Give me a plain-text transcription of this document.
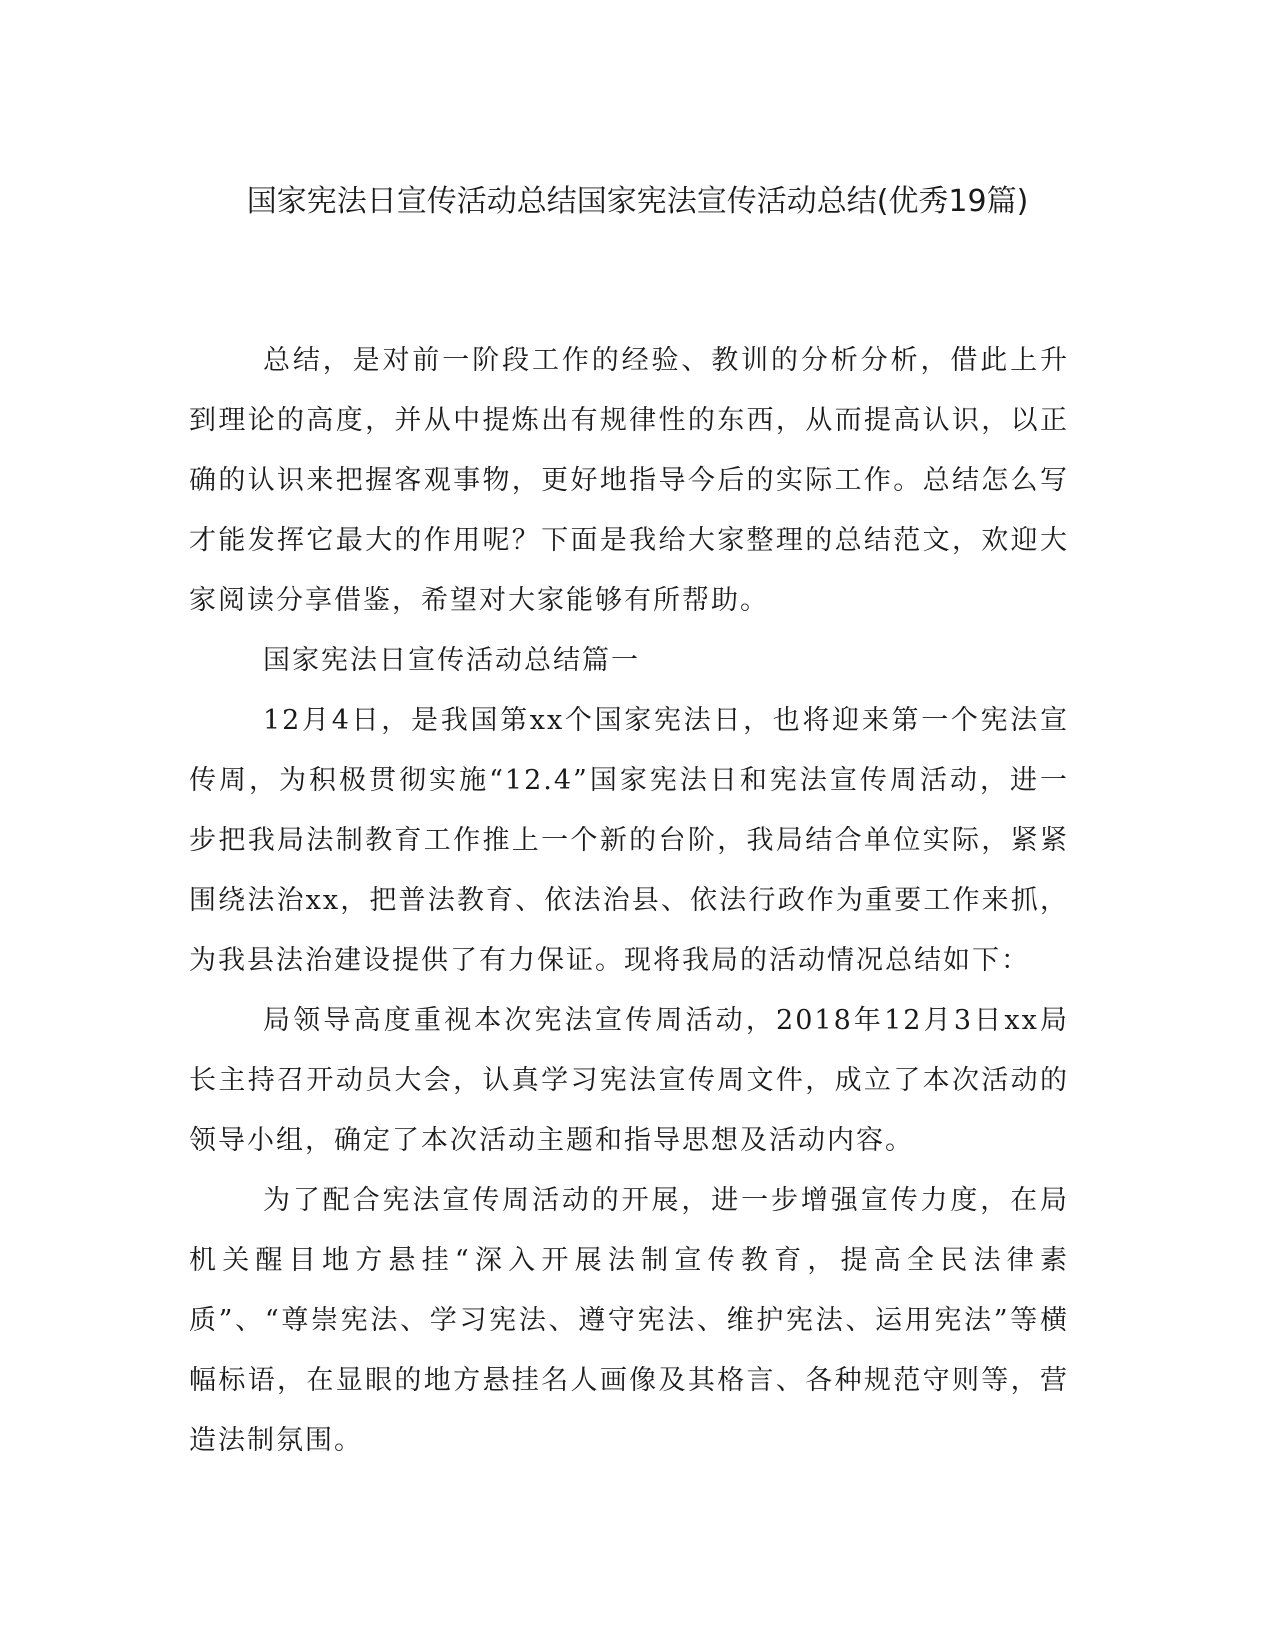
国家宪法日宣传活动总结国家宪法宣传活动总结(优秀19篇)

总结，是对前一阶段工作的经验、教训的分析分析，借此上升到理论的高度，并从中提炼出有规律性的东西，从而提高认识，以正确的认识来把握客观事物，更好地指导今后的实际工作。总结怎么写才能发挥它最大的作用呢？下面是我给大家整理的总结范文，欢迎大家阅读分享借鉴，希望对大家能够有所帮助。

国家宪法日宣传活动总结篇一

12月4日，是我国第xx个国家宪法日，也将迎来第一个宪法宣传周，为积极贯彻实施“12.4”国家宪法日和宪法宣传周活动，进一步把我局法制教育工作推上一个新的台阶，我局结合单位实际，紧紧围绕法治xx，把普法教育、依法治县、依法行政作为重要工作来抓，为我县法治建设提供了有力保证。现将我局的活动情况总结如下：

局领导高度重视本次宪法宣传周活动，2018年12月3日xx局长主持召开动员大会，认真学习宪法宣传周文件，成立了本次活动的领导小组，确定了本次活动主题和指导思想及活动内容。

为了配合宪法宣传周活动的开展，进一步增强宣传力度，在局机关醒目地方悬挂“深入开展法制宣传教育，提高全民法律素质”、“尊崇宪法、学习宪法、遵守宪法、维护宪法、运用宪法”等横幅标语，在显眼的地方悬挂名人画像及其格言、各种规范守则等，营造法制氛围。
